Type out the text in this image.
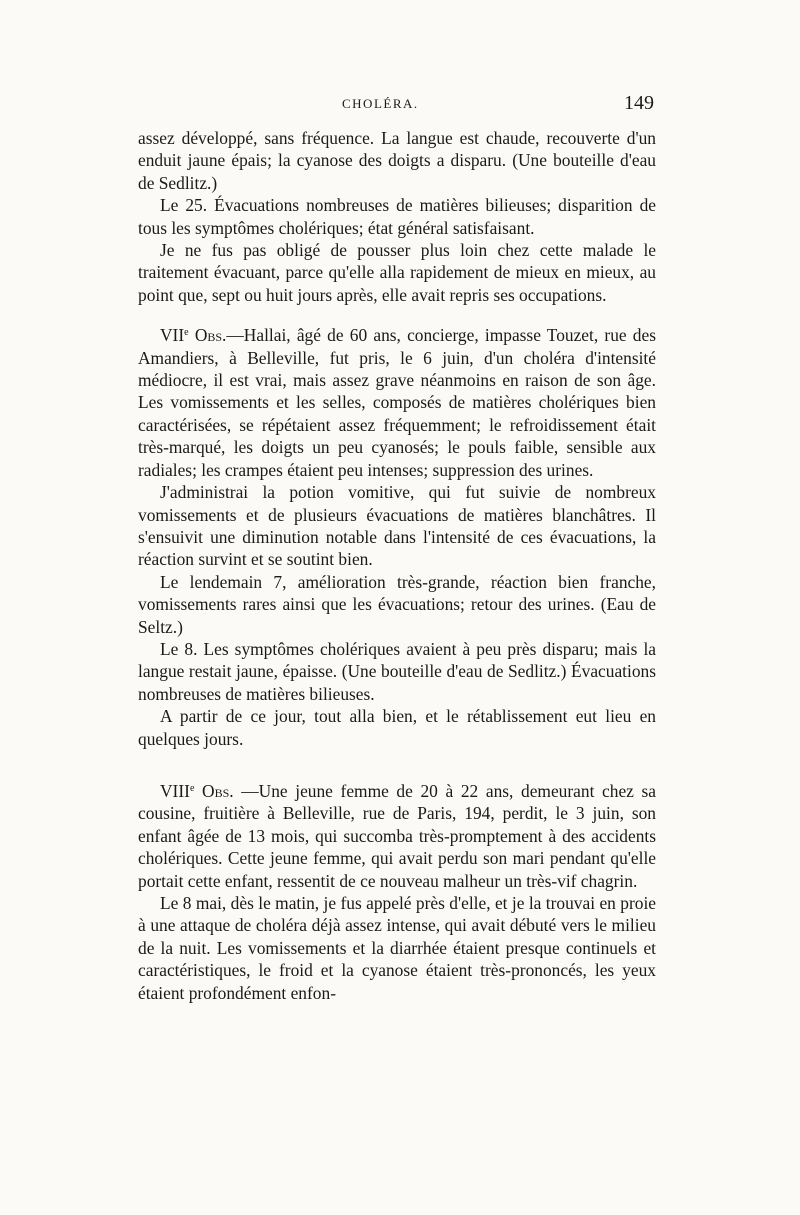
CHOLÉRA.	149

assez développé, sans fréquence. La langue est chaude, recouverte d'un enduit jaune épais; la cyanose des doigts a disparu. (Une bouteille d'eau de Sedlitz.)

Le 25. Évacuations nombreuses de matières bilieuses; disparition de tous les symptômes cholériques; état général satisfaisant.

Je ne fus pas obligé de pousser plus loin chez cette malade le traitement évacuant, parce qu'elle alla rapidement de mieux en mieux, au point que, sept ou huit jours après, elle avait repris ses occupations.

VIIe Obs.—Hallai, âgé de 60 ans, concierge, impasse Touzet, rue des Amandiers, à Belleville, fut pris, le 6 juin, d'un choléra d'intensité médiocre, il est vrai, mais assez grave néanmoins en raison de son âge. Les vomissements et les selles, composés de matières cholériques bien caractérisées, se répétaient assez fréquemment; le refroidissement était très-marqué, les doigts un peu cyanosés; le pouls faible, sensible aux radiales; les crampes étaient peu intenses; suppression des urines.

J'administrai la potion vomitive, qui fut suivie de nombreux vomissements et de plusieurs évacuations de matières blanchâtres. Il s'ensuivit une diminution notable dans l'intensité de ces évacuations, la réaction survint et se soutint bien.

Le lendemain 7, amélioration très-grande, réaction bien franche, vomissements rares ainsi que les évacuations; retour des urines. (Eau de Seltz.)

Le 8. Les symptômes cholériques avaient à peu près disparu; mais la langue restait jaune, épaisse. (Une bouteille d'eau de Sedlitz.) Évacuations nombreuses de matières bilieuses.

A partir de ce jour, tout alla bien, et le rétablissement eut lieu en quelques jours.

VIIIe Obs. —Une jeune femme de 20 à 22 ans, demeurant chez sa cousine, fruitière à Belleville, rue de Paris, 194, perdit, le 3 juin, son enfant âgée de 13 mois, qui succomba très-promptement à des accidents cholériques. Cette jeune femme, qui avait perdu son mari pendant qu'elle portait cette enfant, ressentit de ce nouveau malheur un très-vif chagrin.

Le 8 mai, dès le matin, je fus appelé près d'elle, et je la trouvai en proie à une attaque de choléra déjà assez intense, qui avait débuté vers le milieu de la nuit. Les vomissements et la diarrhée étaient presque continuels et caractéristiques, le froid et la cyanose étaient très-prononcés, les yeux étaient profondément enfon-
